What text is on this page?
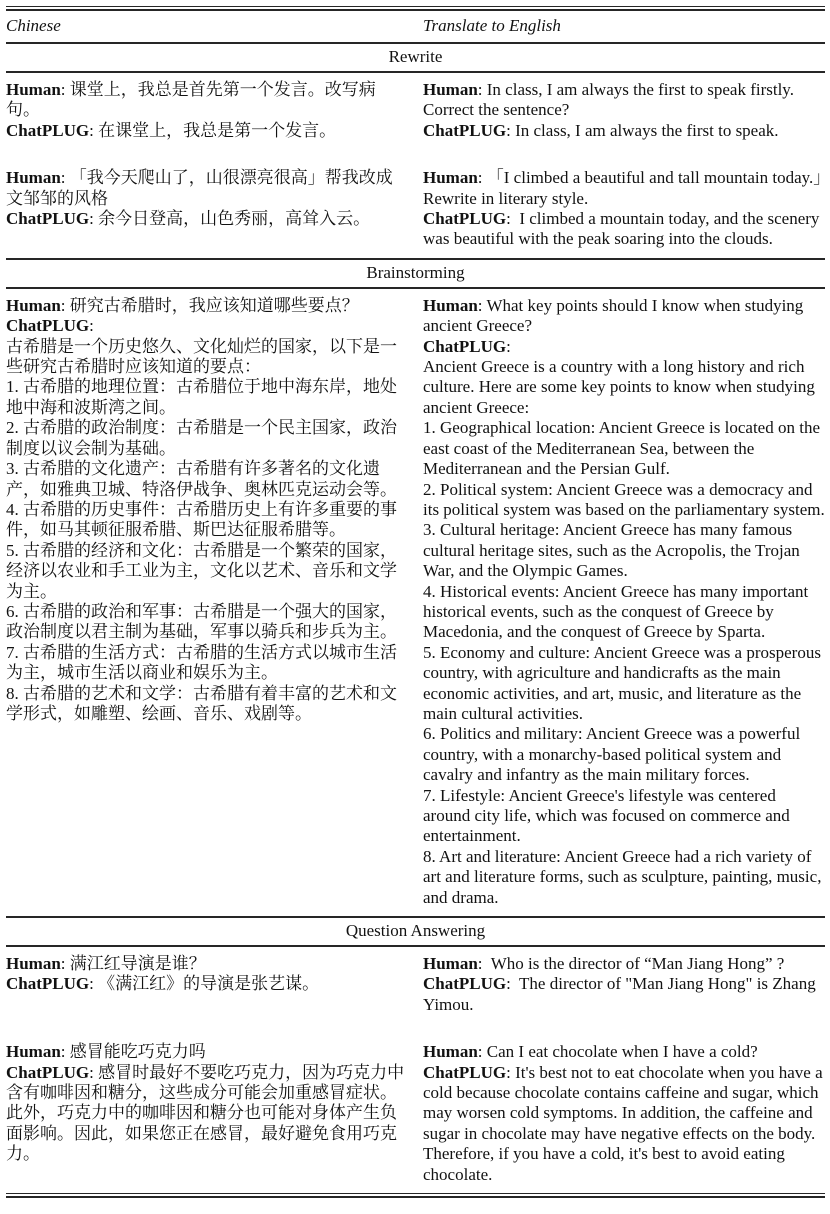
Chinese	Translate to English
Rewrite

Human: 课堂上，我总是首先第一个发言。改写病句。

ChatPLUG: 在课堂上，我总是第一个发言。

Human: In class, I am always the first to speak firstly. Correct the sentence?

ChatPLUG: In class, I am always the first to speak.

Human: 「我今天爬山了，山很漂亮很高」帮我改成文邹邹的风格

ChatPLUG: 余今日登高，山色秀丽，高耸入云。

Human: 「I climbed a beautiful and tall mountain today.」Rewrite in literary style.

ChatPLUG:  I climbed a mountain today, and the scenery was beautiful with the peak soaring into the clouds.

Brainstorming

Human: 研究古希腊时，我应该知道哪些要点？

ChatPLUG:

古希腊是一个历史悠久、文化灿烂的国家，以下是一些研究古希腊时应该知道的要点：

1. 古希腊的地理位置：古希腊位于地中海东岸，地处地中海和波斯湾之间。

2. 古希腊的政治制度：古希腊是一个民主国家，政治制度以议会制为基础。

3. 古希腊的文化遗产：古希腊有许多著名的文化遗产，如雅典卫城、特洛伊战争、奥林匹克运动会等。

4. 古希腊的历史事件：古希腊历史上有许多重要的事件，如马其顿征服希腊、斯巴达征服希腊等。

5. 古希腊的经济和文化：古希腊是一个繁荣的国家，经济以农业和手工业为主，文化以艺术、音乐和文学为主。

6. 古希腊的政治和军事：古希腊是一个强大的国家，政治制度以君主制为基础，军事以骑兵和步兵为主。

7. 古希腊的生活方式：古希腊的生活方式以城市生活为主，城市生活以商业和娱乐为主。

8. 古希腊的艺术和文学：古希腊有着丰富的艺术和文学形式，如雕塑、绘画、音乐、戏剧等。

Human: What key points should I know when studying ancient Greece?

ChatPLUG:

Ancient Greece is a country with a long history and rich culture. Here are some key points to know when studying ancient Greece:

1. Geographical location: Ancient Greece is located on the east coast of the Mediterranean Sea, between the Mediterranean and the Persian Gulf.

2. Political system: Ancient Greece was a democracy and its political system was based on the parliamentary system.

3. Cultural heritage: Ancient Greece has many famous cultural heritage sites, such as the Acropolis, the Trojan War, and the Olympic Games.

4. Historical events: Ancient Greece has many important historical events, such as the conquest of Greece by Macedonia, and the conquest of Greece by Sparta.

5. Economy and culture: Ancient Greece was a prosperous country, with agriculture and handicrafts as the main economic activities, and art, music, and literature as the main cultural activities.

6. Politics and military: Ancient Greece was a powerful country, with a monarchy-based political system and cavalry and infantry as the main military forces.

7. Lifestyle: Ancient Greece's lifestyle was centered around city life, which was focused on commerce and entertainment.

8. Art and literature: Ancient Greece had a rich variety of art and literature forms, such as sculpture, painting, music, and drama.

Question Answering

Human: 满江红导演是谁？

ChatPLUG: 《满江红》的导演是张艺谋。

Human:  Who is the director of “Man Jiang Hong” ?

ChatPLUG:  The director of "Man Jiang Hong" is Zhang Yimou.

Human: 感冒能吃巧克力吗

ChatPLUG: 感冒时最好不要吃巧克力，因为巧克力中含有咖啡因和糖分，这些成分可能会加重感冒症状。此外，巧克力中的咖啡因和糖分也可能对身体产生负面影响。因此，如果您正在感冒，最好避免食用巧克力。

Human: Can I eat chocolate when I have a cold?

ChatPLUG: It's best not to eat chocolate when you have a cold because chocolate contains caffeine and sugar, which may worsen cold symptoms. In addition, the caffeine and sugar in chocolate may have negative effects on the body. Therefore, if you have a cold, it's best to avoid eating chocolate.
